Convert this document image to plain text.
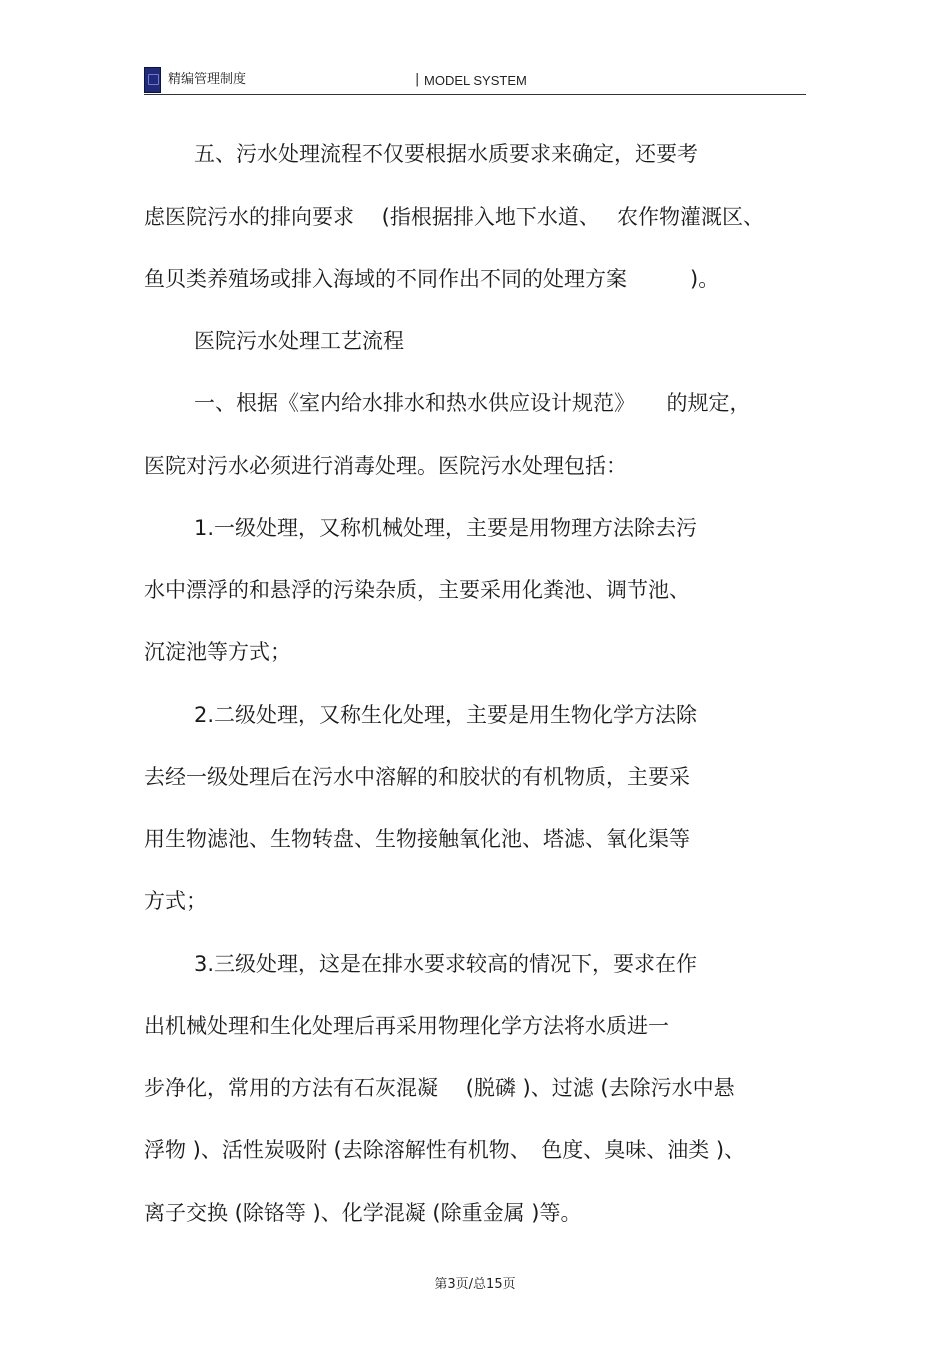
精编管理制度	| MODEL SYSTEM
五、污水处理流程不仅要根据水质要求来确定，还要考
虑医院污水的排向要求　 (指根据排入地下水道、　 农作物灌溉区、
鱼贝类养殖场或排入海域的不同作出不同的处理方案　　　)。
医院污水处理工艺流程
一、根据《室内给水排水和热水供应设计规范》　　的规定，
医院对污水必须进行消毒处理。医院污水处理包括：
1.一级处理，又称机械处理，主要是用物理方法除去污
水中漂浮的和悬浮的污染杂质，主要采用化粪池、调节池、
沉淀池等方式；
2.二级处理，又称生化处理，主要是用生物化学方法除
去经一级处理后在污水中溶解的和胶状的有机物质，主要采
用生物滤池、生物转盘、生物接触氧化池、塔滤、氧化渠等
方式；
3.三级处理，这是在排水要求较高的情况下，要求在作
出机械处理和生化处理后再采用物理化学方法将水质进一
步净化，常用的方法有石灰混凝　 (脱磷 )、过滤 (去除污水中悬
浮物 )、活性炭吸附 (去除溶解性有机物、　色度、臭味、油类 )、
离子交换 (除铬等 )、化学混凝 (除重金属 )等。
第3页/总15页
